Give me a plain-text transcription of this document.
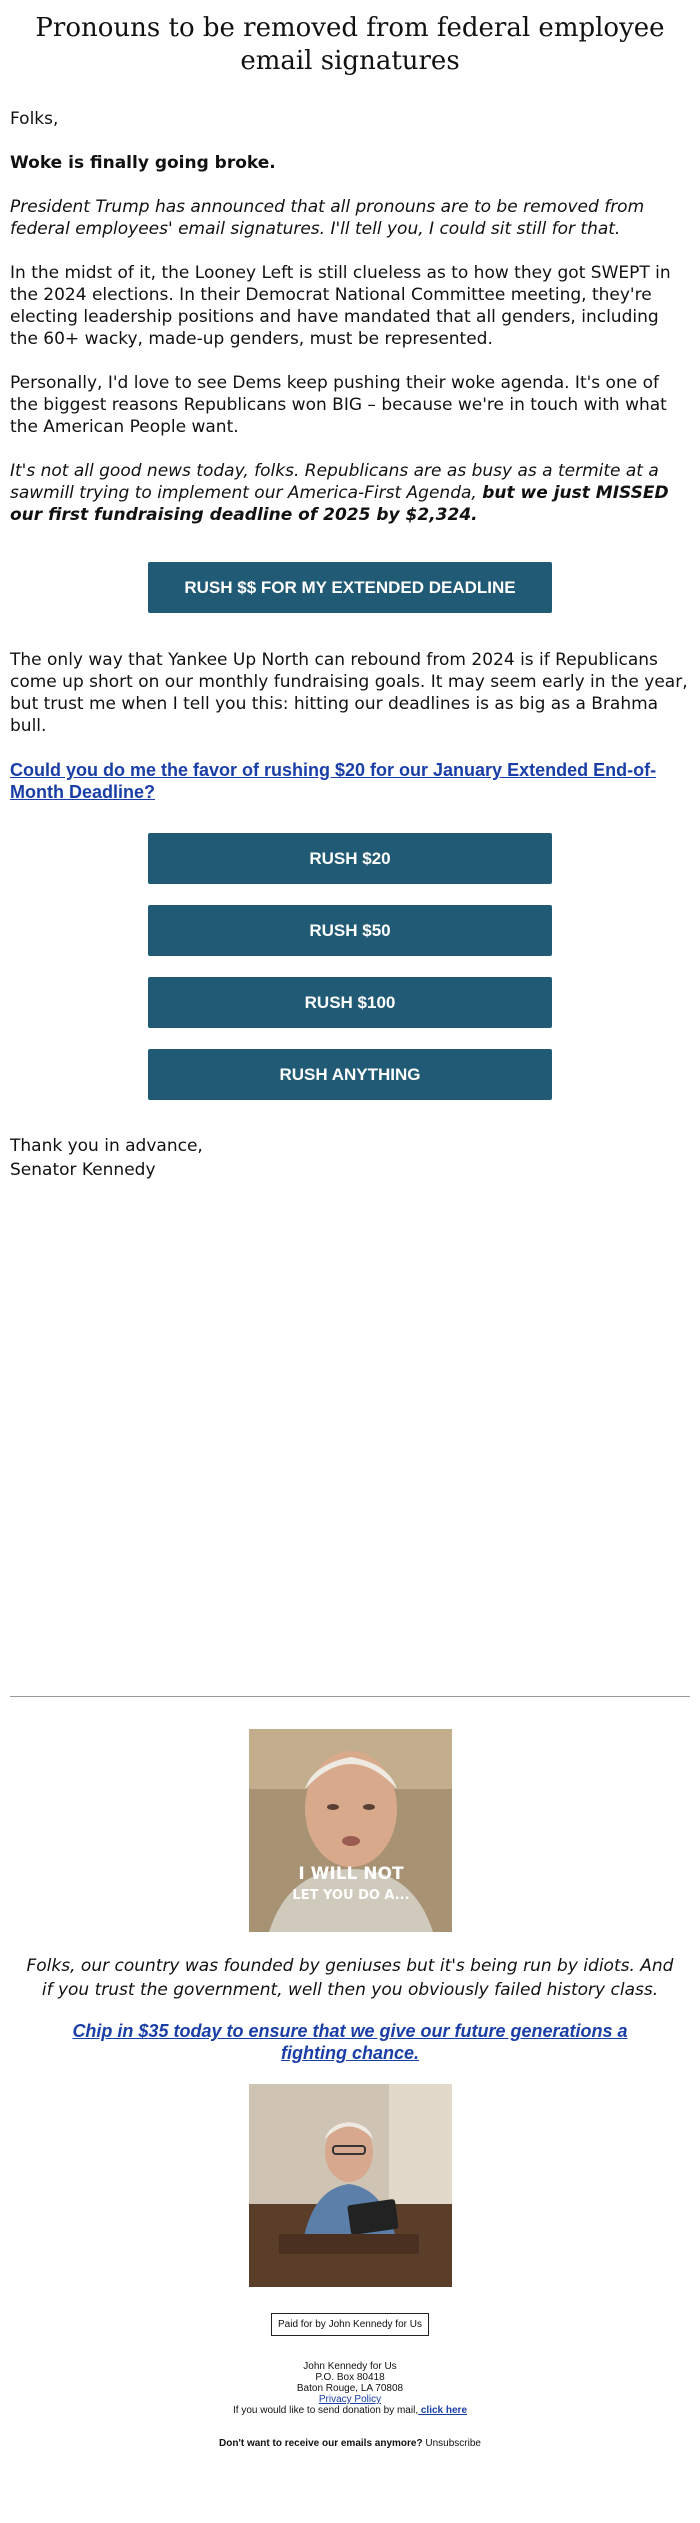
Pronouns to be removed from federal employee email signatures
Folks,
Woke is finally going broke.
President Trump has announced that all pronouns are to be removed from federal employees' email signatures. I'll tell you, I could sit still for that.
In the midst of it, the Looney Left is still clueless as to how they got SWEPT in the 2024 elections. In their Democrat National Committee meeting, they're electing leadership positions and have mandated that all genders, including the 60+ wacky, made-up genders, must be represented.
Personally, I'd love to see Dems keep pushing their woke agenda. It's one of the biggest reasons Republicans won BIG – because we're in touch with what the American People want.
It's not all good news today, folks. Republicans are as busy as a termite at a sawmill trying to implement our America-First Agenda, but we just MISSED our first fundraising deadline of 2025 by $2,324.
RUSH $$ FOR MY EXTENDED DEADLINE
The only way that Yankee Up North can rebound from 2024 is if Republicans come up short on our monthly fundraising goals. It may seem early in the year, but trust me when I tell you this: hitting our deadlines is as big as a Brahma bull.
Could you do me the favor of rushing $20 for our January Extended End-of-Month Deadline?
RUSH $20
RUSH $50
RUSH $100
RUSH ANYTHING
Thank you in advance,
Senator Kennedy
I WILL NOT
LET YOU DO A...
Folks, our country was founded by geniuses but it's being run by idiots. And if you trust the government, well then you obviously failed history class.
Chip in $35 today to ensure that we give our future generations a fighting chance.
Paid for by John Kennedy for Us
John Kennedy for Us
P.O. Box 80418
Baton Rouge, LA 70808
Privacy Policy
If you would like to send donation by mail, click here
Don't want to receive our emails anymore? Unsubscribe
